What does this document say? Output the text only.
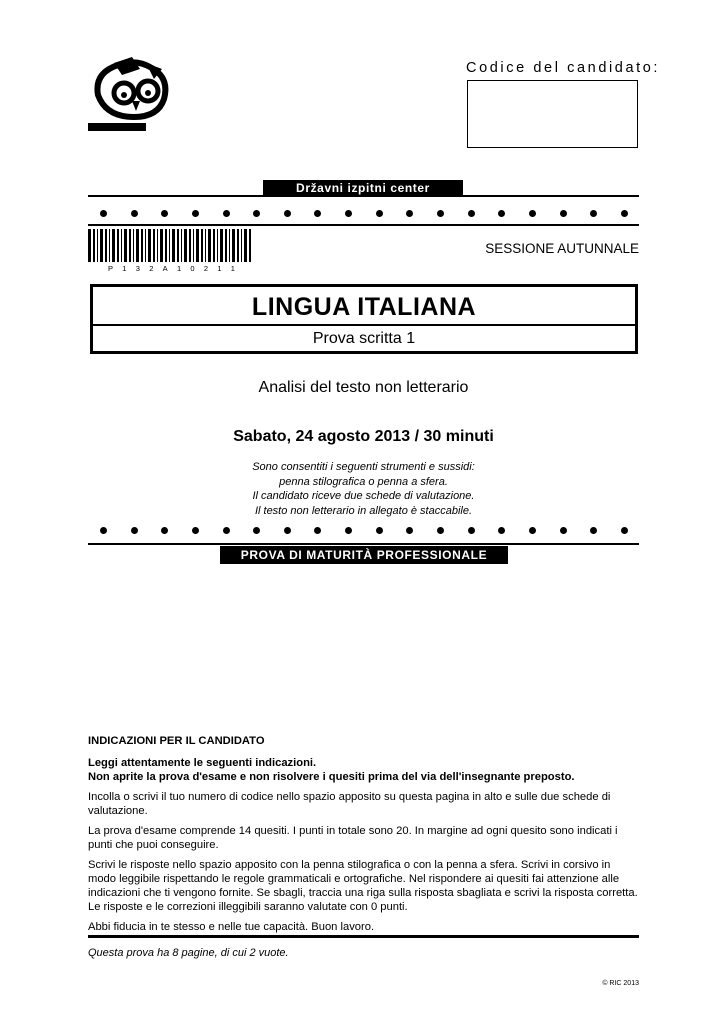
Codice del candidato:
Državni izpitni center
P 1 3 2 A 1 0 2 1 1
SESSIONE AUTUNNALE
LINGUA ITALIANA
Prova scritta 1
Analisi del testo non letterario
Sabato, 24 agosto 2013 / 30 minuti
Sono consentiti i seguenti strumenti e sussidi:
penna stilografica o penna a sfera.
Il candidato riceve due schede di valutazione.
Il testo non letterario in allegato è staccabile.
PROVA DI MATURITÀ PROFESSIONALE
INDICAZIONI PER IL CANDIDATO
Leggi attentamente le seguenti indicazioni.

Non aprite la prova d'esame e non risolvere i quesiti prima del via dell'insegnante preposto.

Incolla o scrivi il tuo numero di codice nello spazio apposito su questa pagina in alto e sulle due schede di valutazione.

La prova d'esame comprende 14 quesiti. I punti in totale sono 20. In margine ad ogni quesito sono indicati i punti che puoi conseguire.

Scrivi le risposte nello spazio apposito con la penna stilografica o con la penna a sfera. Scrivi in corsivo in modo leggibile rispettando le regole grammaticali e ortografiche. Nel rispondere ai quesiti fai attenzione alle indicazioni che ti vengono fornite. Se sbagli, traccia una riga sulla risposta sbagliata e scrivi la risposta corretta. Le risposte e le correzioni illeggibili saranno valutate con 0 punti.

Abbi fiducia in te stesso e nelle tue capacità. Buon lavoro.

Questa prova ha 8 pagine, di cui 2 vuote.
© RIC 2013
